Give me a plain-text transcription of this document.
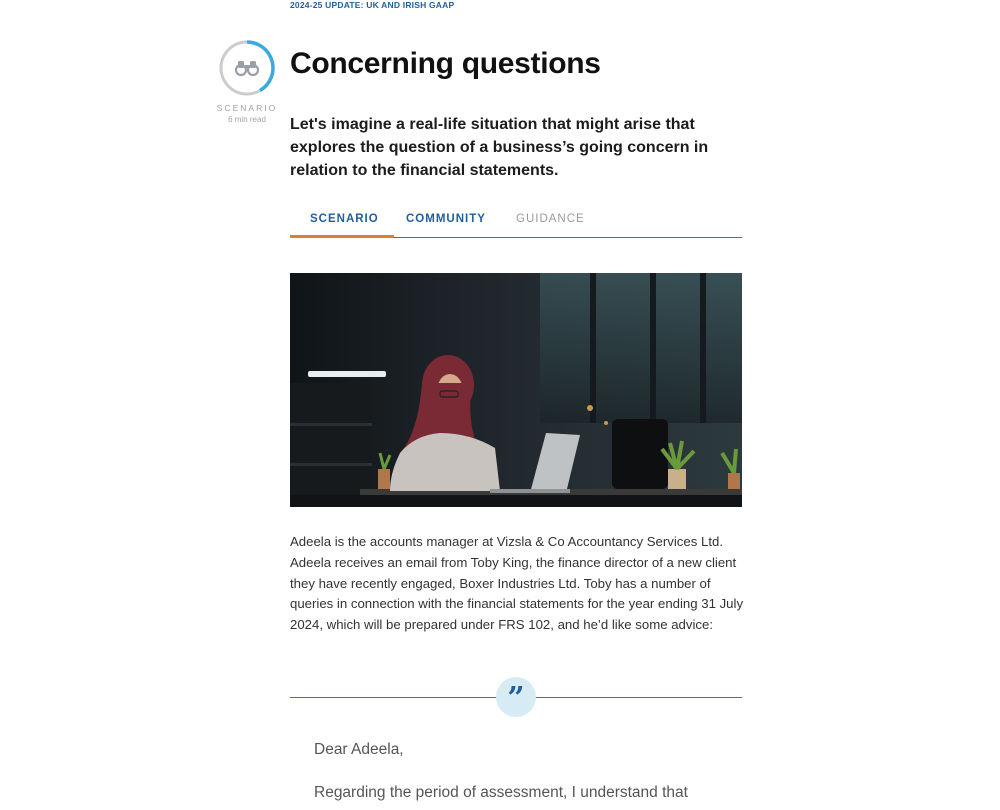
2024-25 UPDATE: UK AND IRISH GAAP
SCENARIO
6 min read
Concerning questions
Let's imagine a real-life situation that might arise that explores the question of a business’s going concern in relation to the financial statements.
SCENARIO COMMUNITY	GUIDANCE
Adeela is the accounts manager at Vizsla & Co Accountancy Services Ltd. Adeela receives an email from Toby King, the finance director of a new client they have recently engaged, Boxer Industries Ltd. Toby has a number of queries in connection with the financial statements for the year ending 31 July 2024, which will be prepared under FRS 102, and he’d like some advice:
”
Dear Adeela,
Regarding the period of assessment, I understand that
